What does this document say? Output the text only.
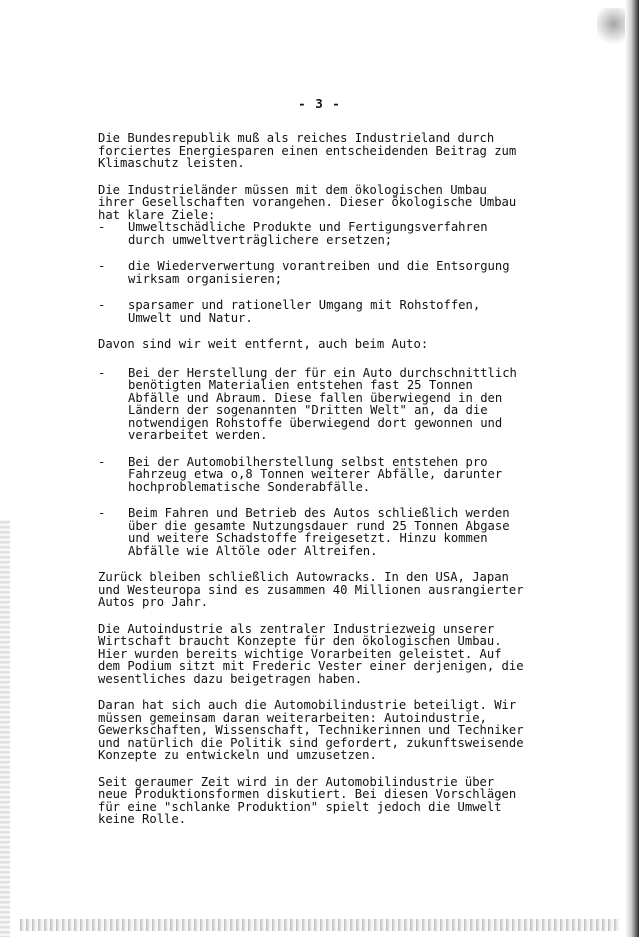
- 3 -

Die Bundesrepublik muß als reiches Industrieland durch
forciertes Energiesparen einen entscheidenden Beitrag zum
Klimaschutz leisten.

Die Industrieländer müssen mit dem ökologischen Umbau
ihrer Gesellschaften vorangehen. Dieser ökologische Umbau
hat klare Ziele:

-	Umweltschädliche Produkte und Fertigungsverfahren
durch umweltverträglichere ersetzen;
-	die Wiederverwertung vorantreiben und die Entsorgung
wirksam organisieren;
-	sparsamer und rationeller Umgang mit Rohstoffen,
Umwelt und Natur.

Davon sind wir weit entfernt, auch beim Auto:

-	Bei der Herstellung der für ein Auto durchschnittlich
benötigten Materialien entstehen fast 25 Tonnen
Abfälle und Abraum. Diese fallen überwiegend in den
Ländern der sogenannten "Dritten Welt" an, da die
notwendigen Rohstoffe überwiegend dort gewonnen und
verarbeitet werden.
-	Bei der Automobilherstellung selbst entstehen pro
Fahrzeug etwa o,8 Tonnen weiterer Abfälle, darunter
hochproblematische Sonderabfälle.
-	Beim Fahren und Betrieb des Autos schließlich werden
über die gesamte Nutzungsdauer rund 25 Tonnen Abgase
und weitere Schadstoffe freigesetzt. Hinzu kommen
Abfälle wie Altöle oder Altreifen.

Zurück bleiben schließlich Autowracks. In den USA, Japan
und Westeuropa sind es zusammen 40 Millionen ausrangierter
Autos pro Jahr.

Die Autoindustrie als zentraler Industriezweig unserer
Wirtschaft braucht Konzepte für den ökologischen Umbau.
Hier wurden bereits wichtige Vorarbeiten geleistet. Auf
dem Podium sitzt mit Frederic Vester einer derjenigen, die
wesentliches dazu beigetragen haben.

Daran hat sich auch die Automobilindustrie beteiligt. Wir
müssen gemeinsam daran weiterarbeiten: Autoindustrie,
Gewerkschaften, Wissenschaft, Technikerinnen und Techniker
und natürlich die Politik sind gefordert, zukunftsweisende
Konzepte zu entwickeln und umzusetzen.

Seit geraumer Zeit wird in der Automobilindustrie über
neue Produktionsformen diskutiert. Bei diesen Vorschlägen
für eine "schlanke Produktion" spielt jedoch die Umwelt
keine Rolle.
